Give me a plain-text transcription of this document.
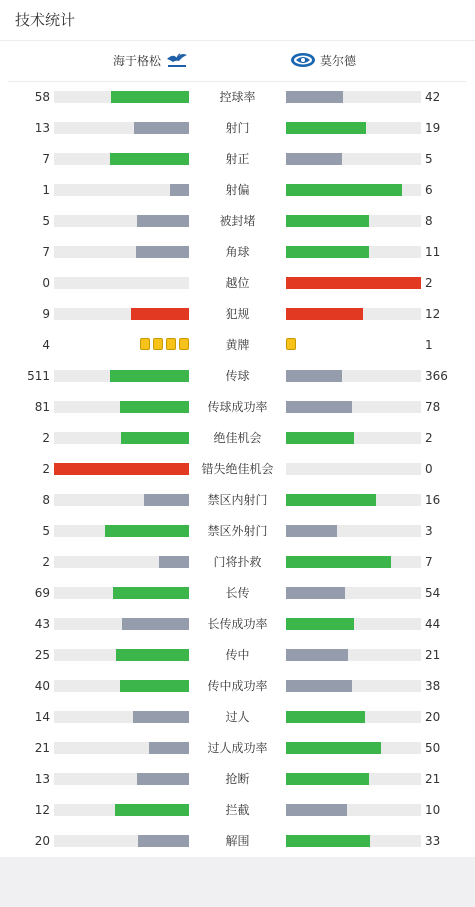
技术统计
海于格松	莫尔德
58	控球率	42
13	射门	19
7	射正	5
1	射偏	6
5	被封堵	8
7	角球	11
0	越位	2
9	犯规	12
4	黄牌	1
511	传球	366
81	传球成功率	78
2	绝佳机会	2
2	错失绝佳机会	0
8	禁区内射门	16
5	禁区外射门	3
2	门将扑救	7
69	长传	54
43	长传成功率	44
25	传中	21
40	传中成功率	38
14	过人	20
21	过人成功率	50
13	抢断	21
12	拦截	10
20	解围	33
